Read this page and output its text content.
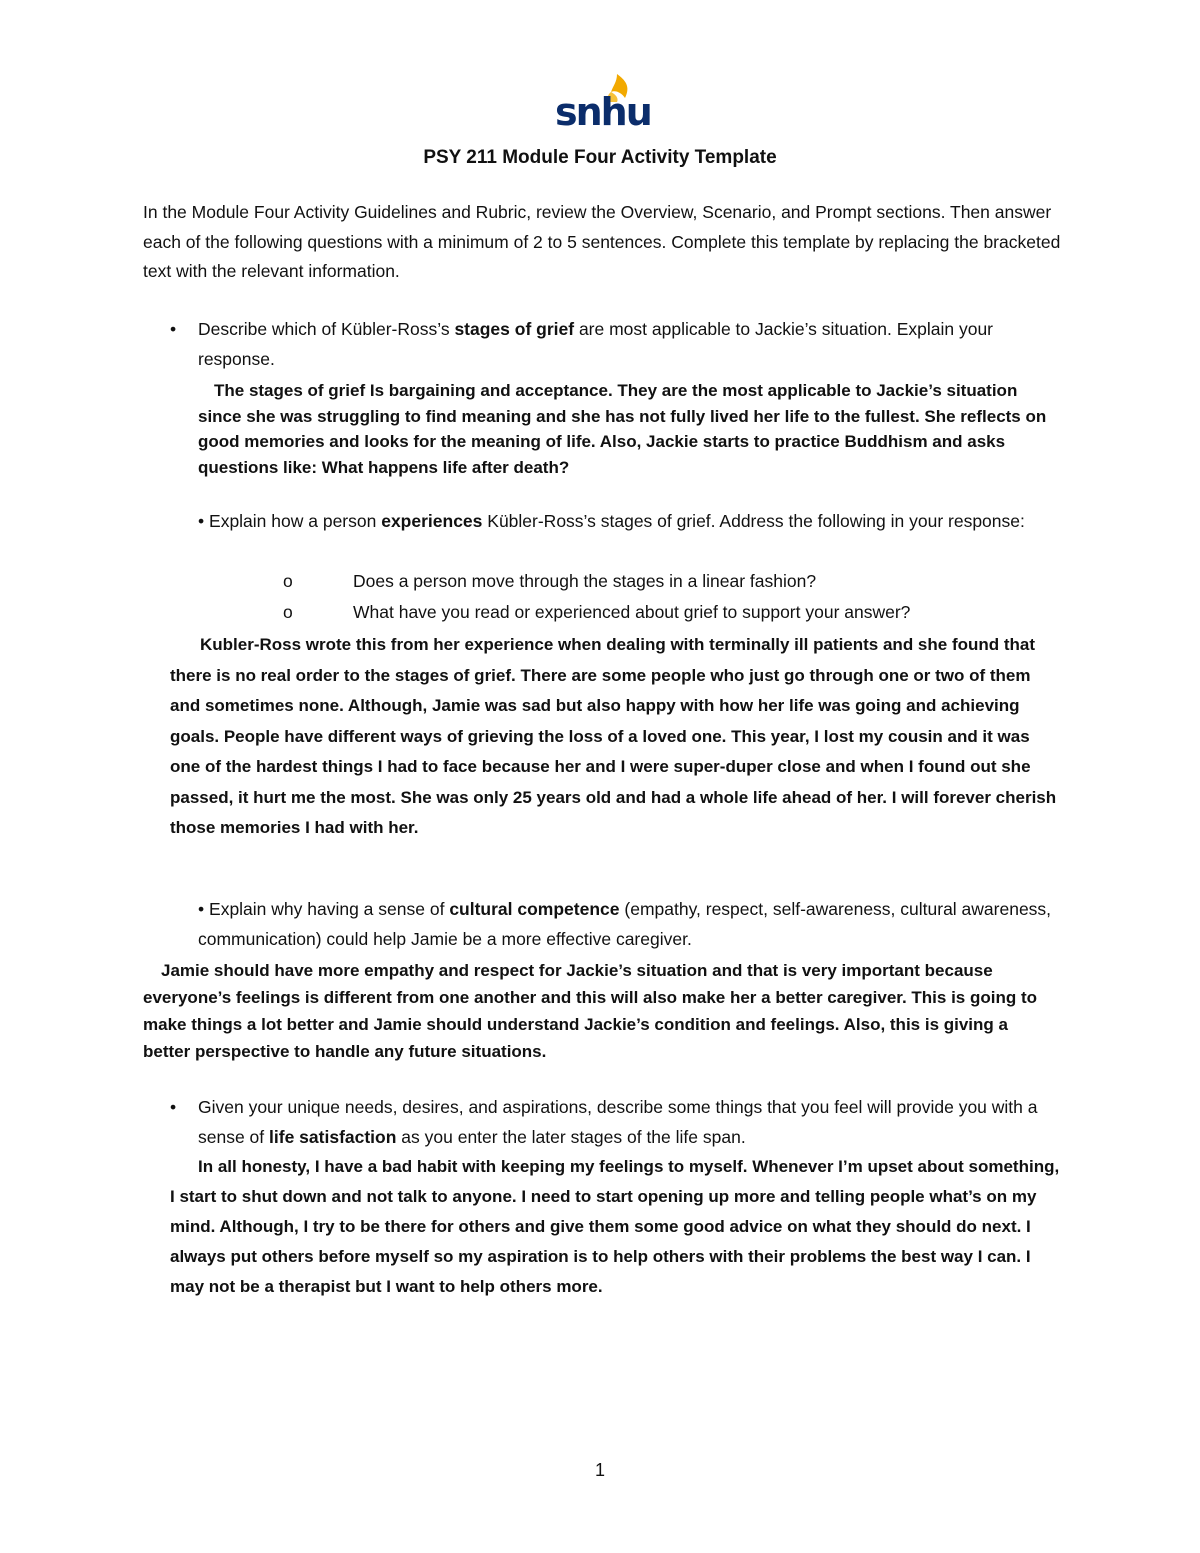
snhu
PSY 211 Module Four Activity Template

In the Module Four Activity Guidelines and Rubric, review the Overview, Scenario, and Prompt sections. Then answer each of the following questions with a minimum of 2 to 5 sentences. Complete this template by replacing the bracketed text with the relevant information.

•	Describe which of Kübler-Ross’s stages of grief are most applicable to Jackie’s situation. Explain your response.

The stages of grief Is bargaining and acceptance. They are the most applicable to Jackie’s situation since she was struggling to find meaning and she has not fully lived her life to the fullest. She reflects on good memories and looks for the meaning of life. Also, Jackie starts to practice Buddhism and asks questions like: What happens life after death?

• Explain how a person experiences Kübler-Ross’s stages of grief. Address the following in your response:

o	Does a person move through the stages in a linear fashion?
o	What have you read or experienced about grief to support your answer?

Kubler-Ross wrote this from her experience when dealing with terminally ill patients and she found that there is no real order to the stages of grief. There are some people who just go through one or two of them and sometimes none. Although, Jamie was sad but also happy with how her life was going and achieving goals. People have different ways of grieving the loss of a loved one. This year, I lost my cousin and it was one of the hardest things I had to face because her and I were super-duper close and when I found out she passed, it hurt me the most. She was only 25 years old and had a whole life ahead of her. I will forever cherish those memories I had with her.

• Explain why having a sense of cultural competence (empathy, respect, self-awareness, cultural awareness, communication) could help Jamie be a more effective caregiver.

Jamie should have more empathy and respect for Jackie’s situation and that is very important because everyone’s feelings is different from one another and this will also make her a better caregiver. This is going to make things a lot better and Jamie should understand Jackie’s condition and feelings. Also, this is giving a better perspective to handle any future situations.

•	Given your unique needs, desires, and aspirations, describe some things that you feel will provide you with a sense of life satisfaction as you enter the later stages of the life span.

In all honesty, I have a bad habit with keeping my feelings to myself. Whenever I’m upset about something, I start to shut down and not talk to anyone. I need to start opening up more and telling people what’s on my mind. Although, I try to be there for others and give them some good advice on what they should do next. I always put others before myself so my aspiration is to help others with their problems the best way I can. I may not be a therapist but I want to help others more.

1
